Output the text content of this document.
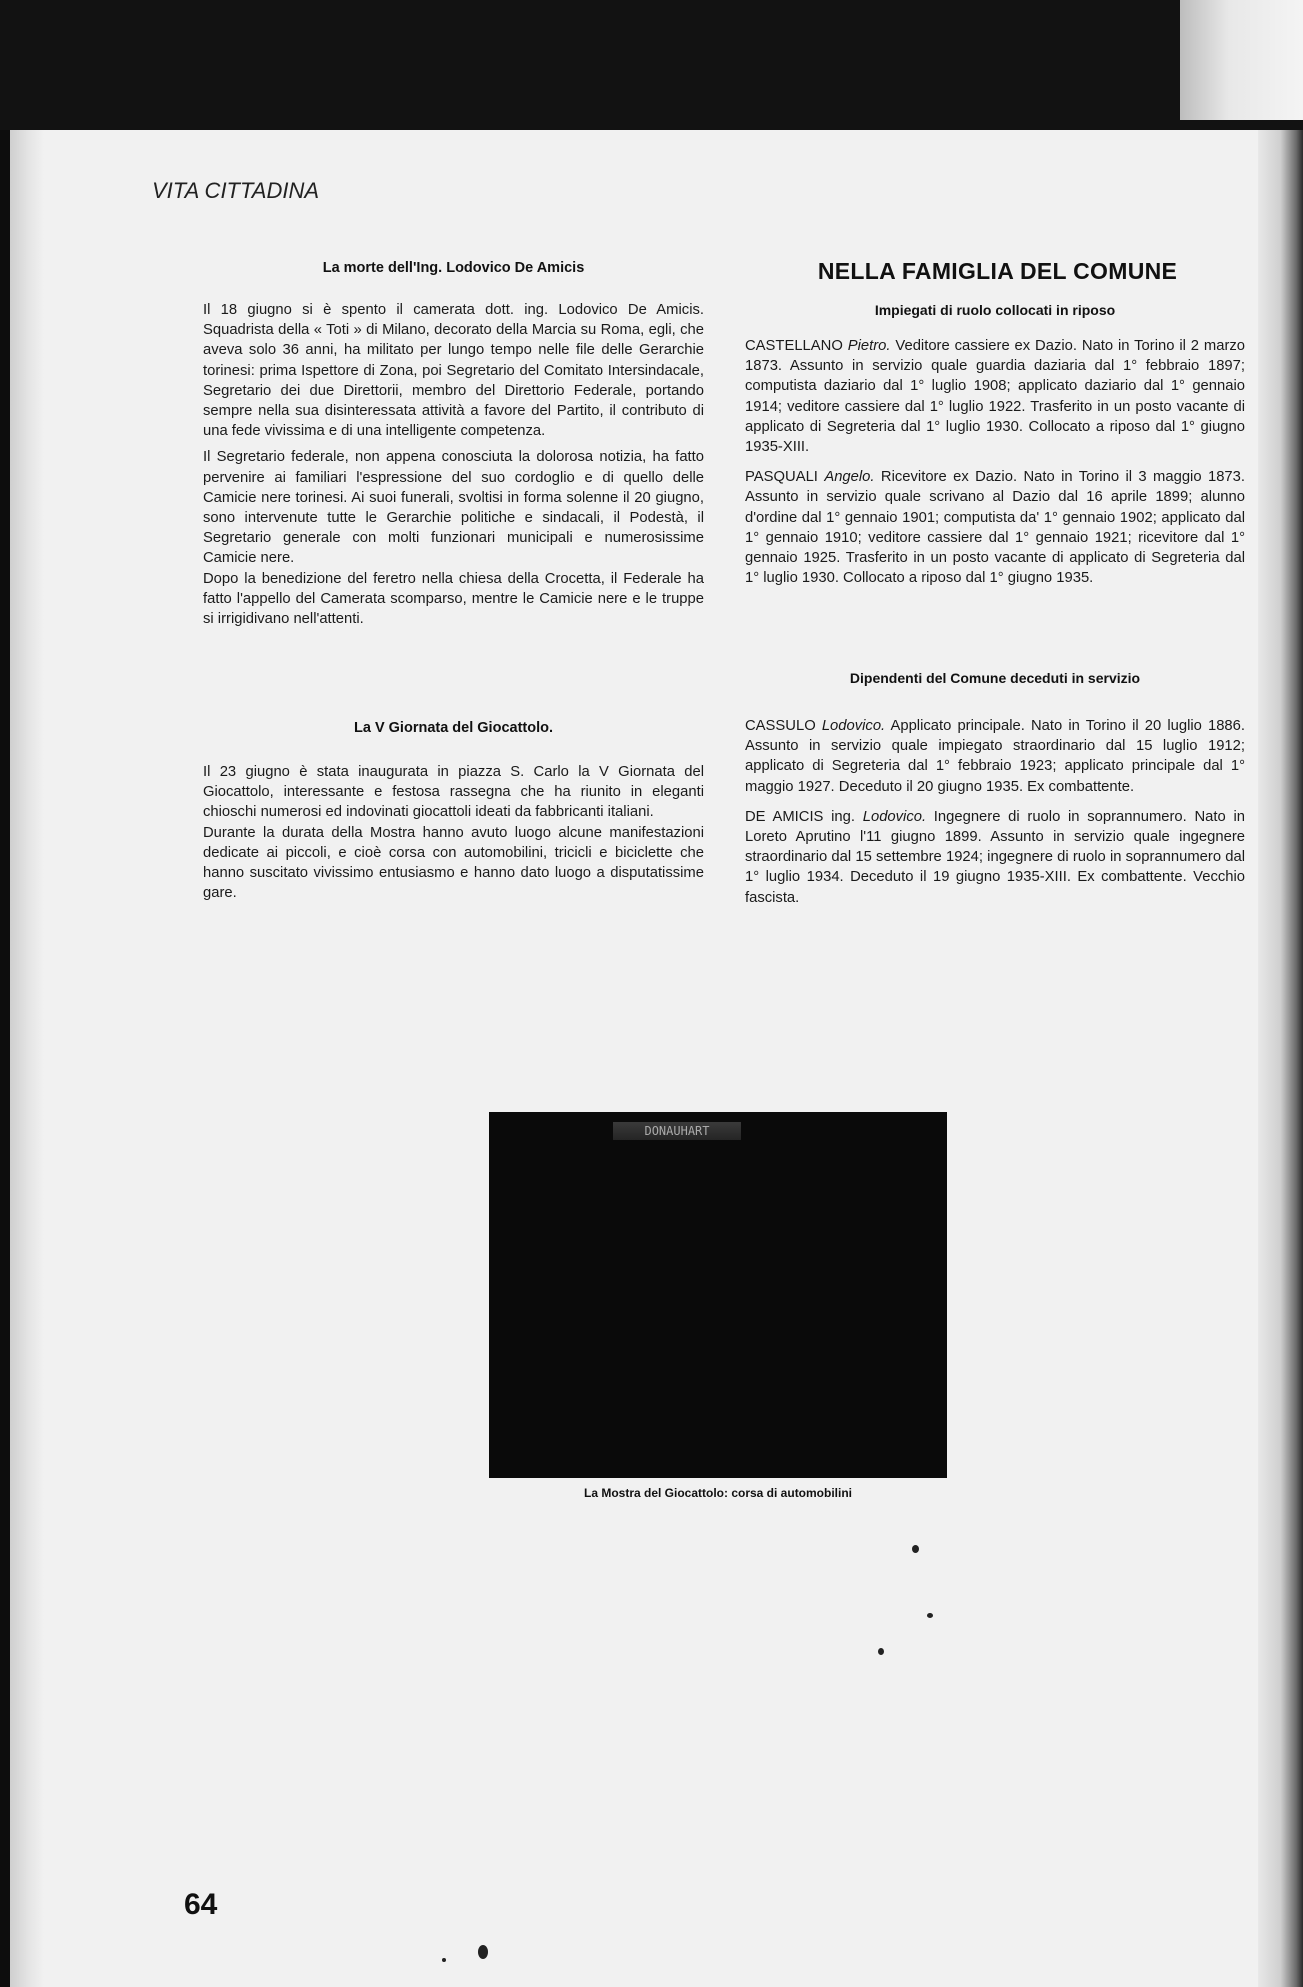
VITA CITTADINA
La morte dell'Ing. Lodovico De Amicis

Il 18 giugno si è spento il camerata dott. ing. Lodovico De Amicis. Squadrista della « Toti » di Milano, decorato della Marcia su Roma, egli, che aveva solo 36 anni, ha militato per lungo tempo nelle file delle Gerarchie torinesi: prima Ispettore di Zona, poi Segretario del Comitato Intersindacale, Segretario dei due Direttorii, membro del Direttorio Federale, portando sempre nella sua disinteressata attività a favore del Partito, il contributo di una fede vivissima e di una intelligente competenza.

Il Segretario federale, non appena conosciuta la dolorosa notizia, ha fatto pervenire ai familiari l'espressione del suo cordoglio e di quello delle Camicie nere torinesi. Ai suoi funerali, svoltisi in forma solenne il 20 giugno, sono intervenute tutte le Gerarchie politiche e sindacali, il Podestà, il Segretario generale con molti funzionari municipali e numerosissime Camicie nere.

Dopo la benedizione del feretro nella chiesa della Crocetta, il Federale ha fatto l'appello del Camerata scomparso, mentre le Camicie nere e le truppe si irrigidivano nell'attenti.

La V Giornata del Giocattolo.

Il 23 giugno è stata inaugurata in piazza S. Carlo la V Giornata del Giocattolo, interessante e festosa rassegna che ha riunito in eleganti chioschi numerosi ed indovinati giocattoli ideati da fabbricanti italiani.

Durante la durata della Mostra hanno avuto luogo alcune manifestazioni dedicate ai piccoli, e cioè corsa con automobilini, tricicli e biciclette che hanno suscitato vivissimo entusiasmo e hanno dato luogo a disputatissime gare.

NELLA FAMIGLIA DEL COMUNE
Impiegati di ruolo collocati in riposo

CASTELLANO Pietro. Veditore cassiere ex Dazio. Nato in Torino il 2 marzo 1873. Assunto in servizio quale guardia daziaria dal 1° febbraio 1897; computista daziario dal 1° luglio 1908; applicato daziario dal 1° gennaio 1914; veditore cassiere dal 1° luglio 1922. Trasferito in un posto vacante di applicato di Segreteria dal 1° luglio 1930. Collocato a riposo dal 1° giugno 1935-XIII.

PASQUALI Angelo. Ricevitore ex Dazio. Nato in Torino il 3 maggio 1873. Assunto in servizio quale scrivano al Dazio dal 16 aprile 1899; alunno d'ordine dal 1° gennaio 1901; computista da' 1° gennaio 1902; applicato dal 1° gennaio 1910; veditore cassiere dal 1° gennaio 1921; ricevitore dal 1° gennaio 1925. Trasferito in un posto vacante di applicato di Segreteria dal 1° luglio 1930. Collocato a riposo dal 1° giugno 1935.

Dipendenti del Comune deceduti in servizio

CASSULO Lodovico. Applicato principale. Nato in Torino il 20 luglio 1886. Assunto in servizio quale impiegato straordinario dal 15 luglio 1912; applicato di Segreteria dal 1° febbraio 1923; applicato principale dal 1° maggio 1927. Deceduto il 20 giugno 1935. Ex combattente.

DE AMICIS ing. Lodovico. Ingegnere di ruolo in soprannumero. Nato in Loreto Aprutino l'11 giugno 1899. Assunto in servizio quale ingegnere straordinario dal 15 settembre 1924; ingegnere di ruolo in soprannumero dal 1° luglio 1934. Deceduto il 19 giugno 1935-XIII. Ex combattente. Vecchio fascista.

DONAUHART
La Mostra del Giocattolo: corsa di automobilini
64
